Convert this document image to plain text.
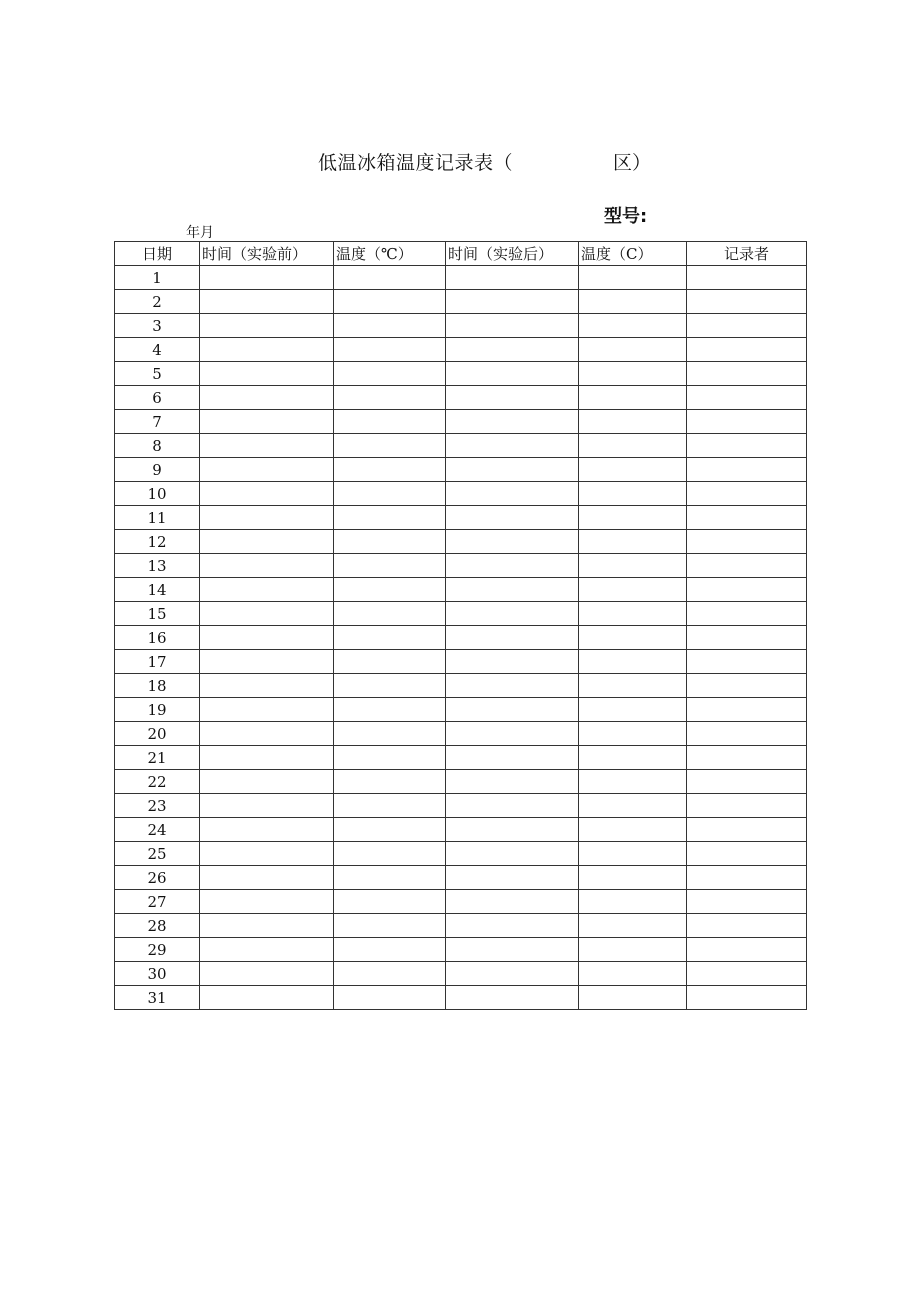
低温冰箱温度记录表（	区）
型号:
年月
日期	时间（实验前）	温度（℃）	时间（实验后）	温度（C）	记录者
1					
2					
3					
4					
5					
6					
7					
8					
9					
10					
11					
12					
13					
14					
15					
16					
17					
18					
19					
20					
21					
22					
23					
24					
25					
26					
27					
28					
29					
30					
31					
